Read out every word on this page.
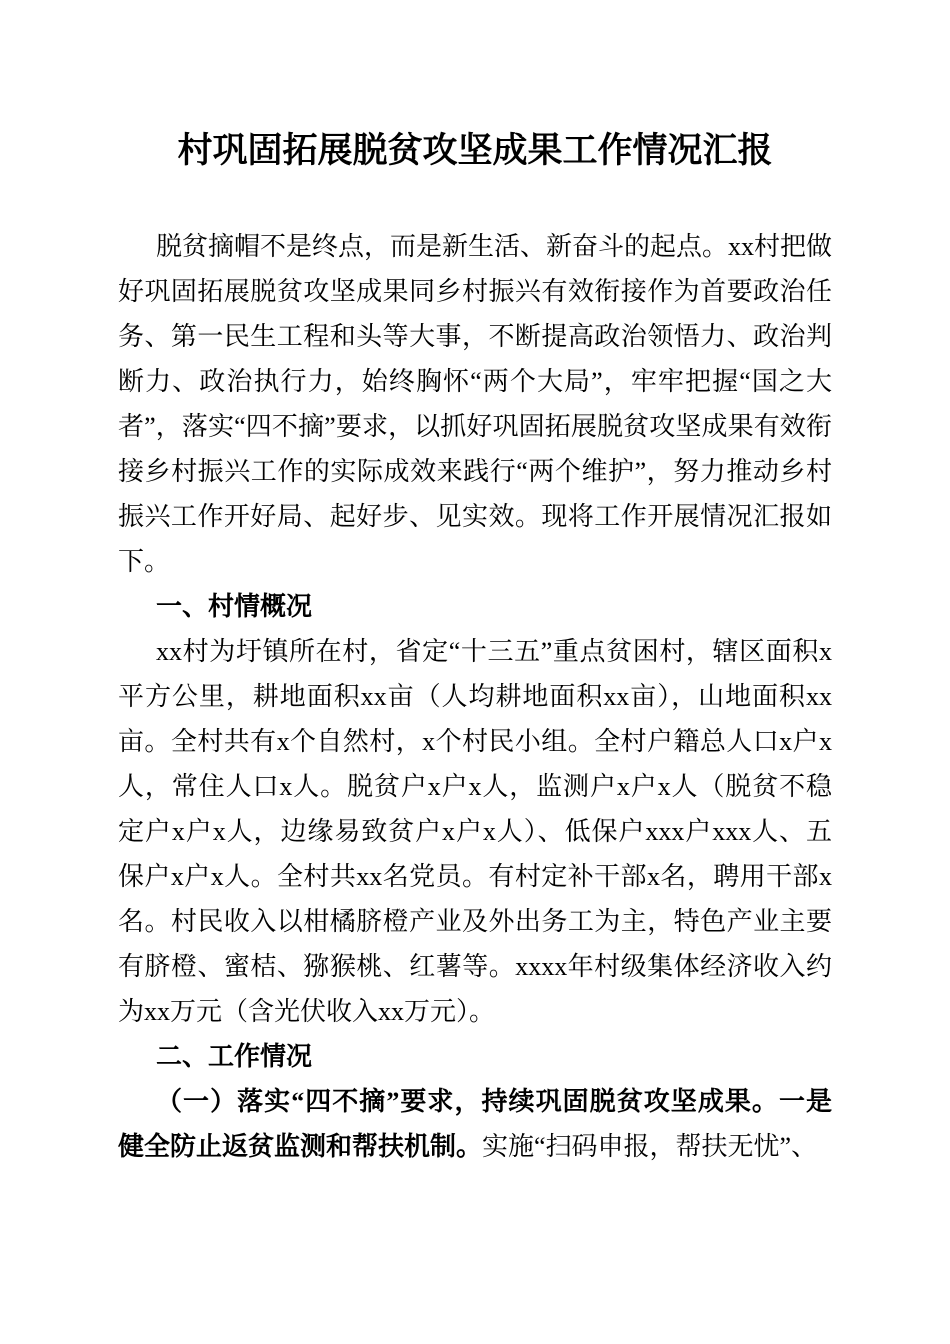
村巩固拓展脱贫攻坚成果工作情况汇报

脱贫摘帽不是终点，而是新生活、新奋斗的起点。xx村把做好巩固拓展脱贫攻坚成果同乡村振兴有效衔接作为首要政治任务、第一民生工程和头等大事，不断提高政治领悟力、政治判断力、政治执行力，始终胸怀“两个大局”，牢牢把握“国之大者”，落实“四不摘”要求，以抓好巩固拓展脱贫攻坚成果有效衔接乡村振兴工作的实际成效来践行“两个维护”，努力推动乡村振兴工作开好局、起好步、见实效。现将工作开展情况汇报如下。

一、村情概况

xx村为圩镇所在村，省定“十三五”重点贫困村，辖区面积x平方公里，耕地面积xx亩（人均耕地面积xx亩），山地面积xx亩。全村共有x个自然村，x个村民小组。全村户籍总人口x户x人，常住人口x人。脱贫户x户x人，监测户x户x人（脱贫不稳定户x户x人，边缘易致贫户x户x人）、低保户xxx户xxx人、五保户x户x人。全村共xx名党员。有村定补干部x名，聘用干部x名。村民收入以柑橘脐橙产业及外出务工为主，特色产业主要有脐橙、蜜桔、猕猴桃、红薯等。xxxx年村级集体经济收入约为xx万元（含光伏收入xx万元）。

二、工作情况

（一）落实“四不摘”要求，持续巩固脱贫攻坚成果。一是健全防止返贫监测和帮扶机制。实施“扫码申报，帮扶无忧”、
